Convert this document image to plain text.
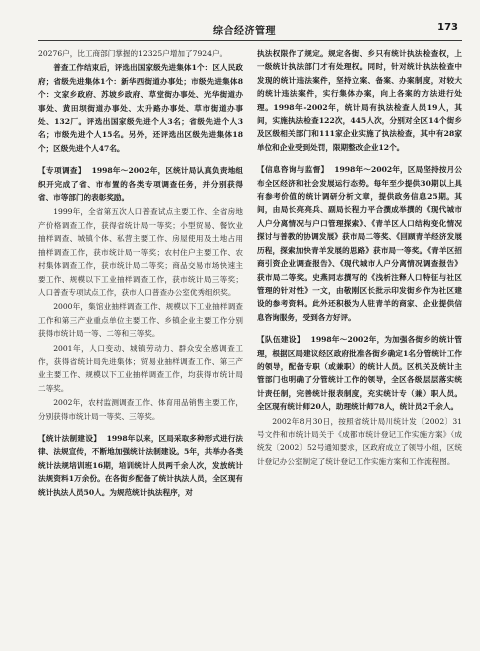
综合经济管理	173

20276户，比工商部门掌握的12325户增加了7924户。

普查工作结束后，评选出国家级先进集体1个：区人民政府；省级先进集体1个：新华西街道办事处；市级先进集体8个：文家乡政府、苏坡乡政府、草堂街办事处、光华街道办事处、黄田坝街道办事处、太升路办事处、草市街道办事处、132厂。评选出国家级先进个人3名；省级先进个人3名；市级先进个人15名。另外，还评选出区级先进集体18个；区级先进个人47名。

【专项调查】 1998年～2002年，区统计局认真负责地组织开完成了省、市布置的各类专项调查任务，并分别获得省、市等部门的表彰奖励。

1999年，全省第五次人口普查试点主要工作、全省房地产价格调查工作，获得省统计局一等奖；小型贸易、餐饮业抽样调查、城镇个体、私营主要工作、房屋使用及土地占用抽样调查工作，获市统计局一等奖；农村住户主要工作、农村集体调查工作，获市统计局二等奖；商品交易市场快速主要工作、规模以下工业抽样调查工作，获市统计局三等奖；人口普查专项试点工作，获市人口普查办公室优秀组织奖。

2000年，集馆业抽样调查工作、规模以下工业抽样调查工作和第三产业重点单位主要工作、乡镇企业主要工作分别获得市统计局一等、二等和三等奖。

2001年，人口变动、城镇劳动力、群众安全感调查工作，获得省统计局先进集体；贸易业抽样调查工作、第三产业主要工作、规模以下工业抽样调查工作，均获得市统计局二等奖。

2002年，农村监测调查工作、体育用品销售主要工作，分别获得市统计局一等奖、三等奖。

【统计法制建设】 1998年以来，区局采取多种形式进行法律、法规宣传，不断地加强统计法制建设。5年，共举办各类统计法规培训班16期，培训统计人员两千余人次，发放统计法规资料1万余份。在各街乡配备了统计执法人员，全区现有统计执法人员50人。为规范统计执法程序，对

执法权限作了规定。规定各街、乡只有统计执法检查权，上一级统计执法部门才有处理权。同时，针对统计执法检查中发现的统计违法案件，坚持立案、备案、办案制度，对较大的统计违法案件，实行集体办案，向上各案的方法进行处理。1998年-2002年，统计局有执法检查人员19人，其间，实施执法检查122次，445人次，分别对全区14个街乡及区级相关部门和111家企业实施了执法检查，其中有28家单位和企业受到处罚，限期整改企业12个。

【信息咨询与监督】 1998年～2002年，区局坚持按月公布全区经济和社会发展运行态势。每年至少提供30期以上具有参考价值的统计调研分析文章，提供政务信息25期。其间，由局长亮亮兵、副局长程力平合撰成举撰的《现代城市人户分离情况与户口管理探索》、《青羊区人口结构变化情况探讨与普教的协调发展》获市局二等奖、《回顾青羊经济发展历程，探索加快青羊发展的思路》获市局一等奖。《青羊区招商引资企业调查报告》、《现代城市人户分离情况调查报告》获市局二等奖。史燕同志撰写的《浅析注释人口特征与社区管理的针对性》一文，由敬刚区长批示印发街乡作为社区建设的参考资料。此外还积极为人驻青羊的商家、企业提供信息咨询服务，受到各方好评。

【队伍建设】 1998年～2002年，为加强各街乡的统计管理，根据区局建议经区政府批准各街乡确定1名分管统计工作的领导，配备专职（或兼职）的统计人员。区机关及统计主管部门也明确了分管统计工作的领导，全区各级层层落实统计责任制，完善统计报表制度，充实统计专（兼）职人员。全区现有统计师20人，助理统计师78人，统计员2千余人。

2002年8月30日，按照省统计局川统计发〔2002〕31号文件和市统计局关于《成都市统计登记工作实施方案》（成统发〔2002〕52号通知要求，区政府成立了领导小组，区统计登记办公室制定了统计登记工作实施方案和工作流程图。
